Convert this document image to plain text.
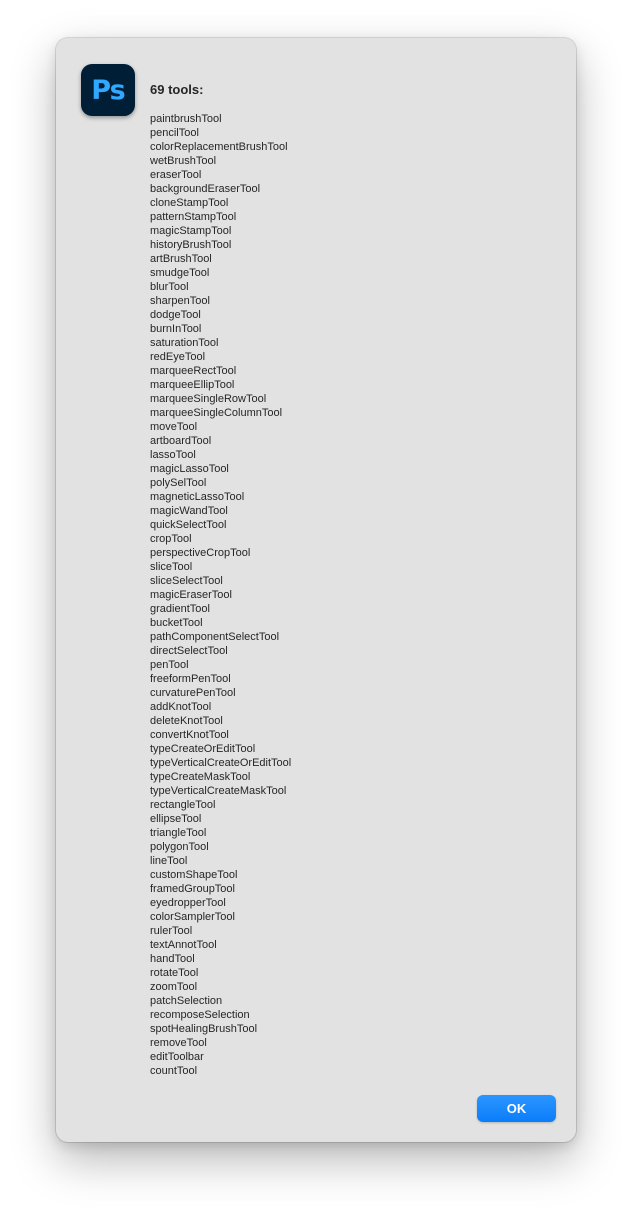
Ps 69 tools:
paintbrushTool
pencilTool
colorReplacementBrushTool
wetBrushTool
eraserTool
backgroundEraserTool
cloneStampTool
patternStampTool
magicStampTool
historyBrushTool
artBrushTool
smudgeTool
blurTool
sharpenTool
dodgeTool
burnInTool
saturationTool
redEyeTool
marqueeRectTool
marqueeEllipTool
marqueeSingleRowTool
marqueeSingleColumnTool
moveTool
artboardTool
lassoTool
magicLassoTool
polySelTool
magneticLassoTool
magicWandTool
quickSelectTool
cropTool
perspectiveCropTool
sliceTool
sliceSelectTool
magicEraserTool
gradientTool
bucketTool
pathComponentSelectTool
directSelectTool
penTool
freeformPenTool
curvaturePenTool
addKnotTool
deleteKnotTool
convertKnotTool
typeCreateOrEditTool
typeVerticalCreateOrEditTool
typeCreateMaskTool
typeVerticalCreateMaskTool
rectangleTool
ellipseTool
triangleTool
polygonTool
lineTool
customShapeTool
framedGroupTool
eyedropperTool
colorSamplerTool
rulerTool
textAnnotTool
handTool
rotateTool
zoomTool
patchSelection
recomposeSelection
spotHealingBrushTool
removeTool
editToolbar
countTool
OK
